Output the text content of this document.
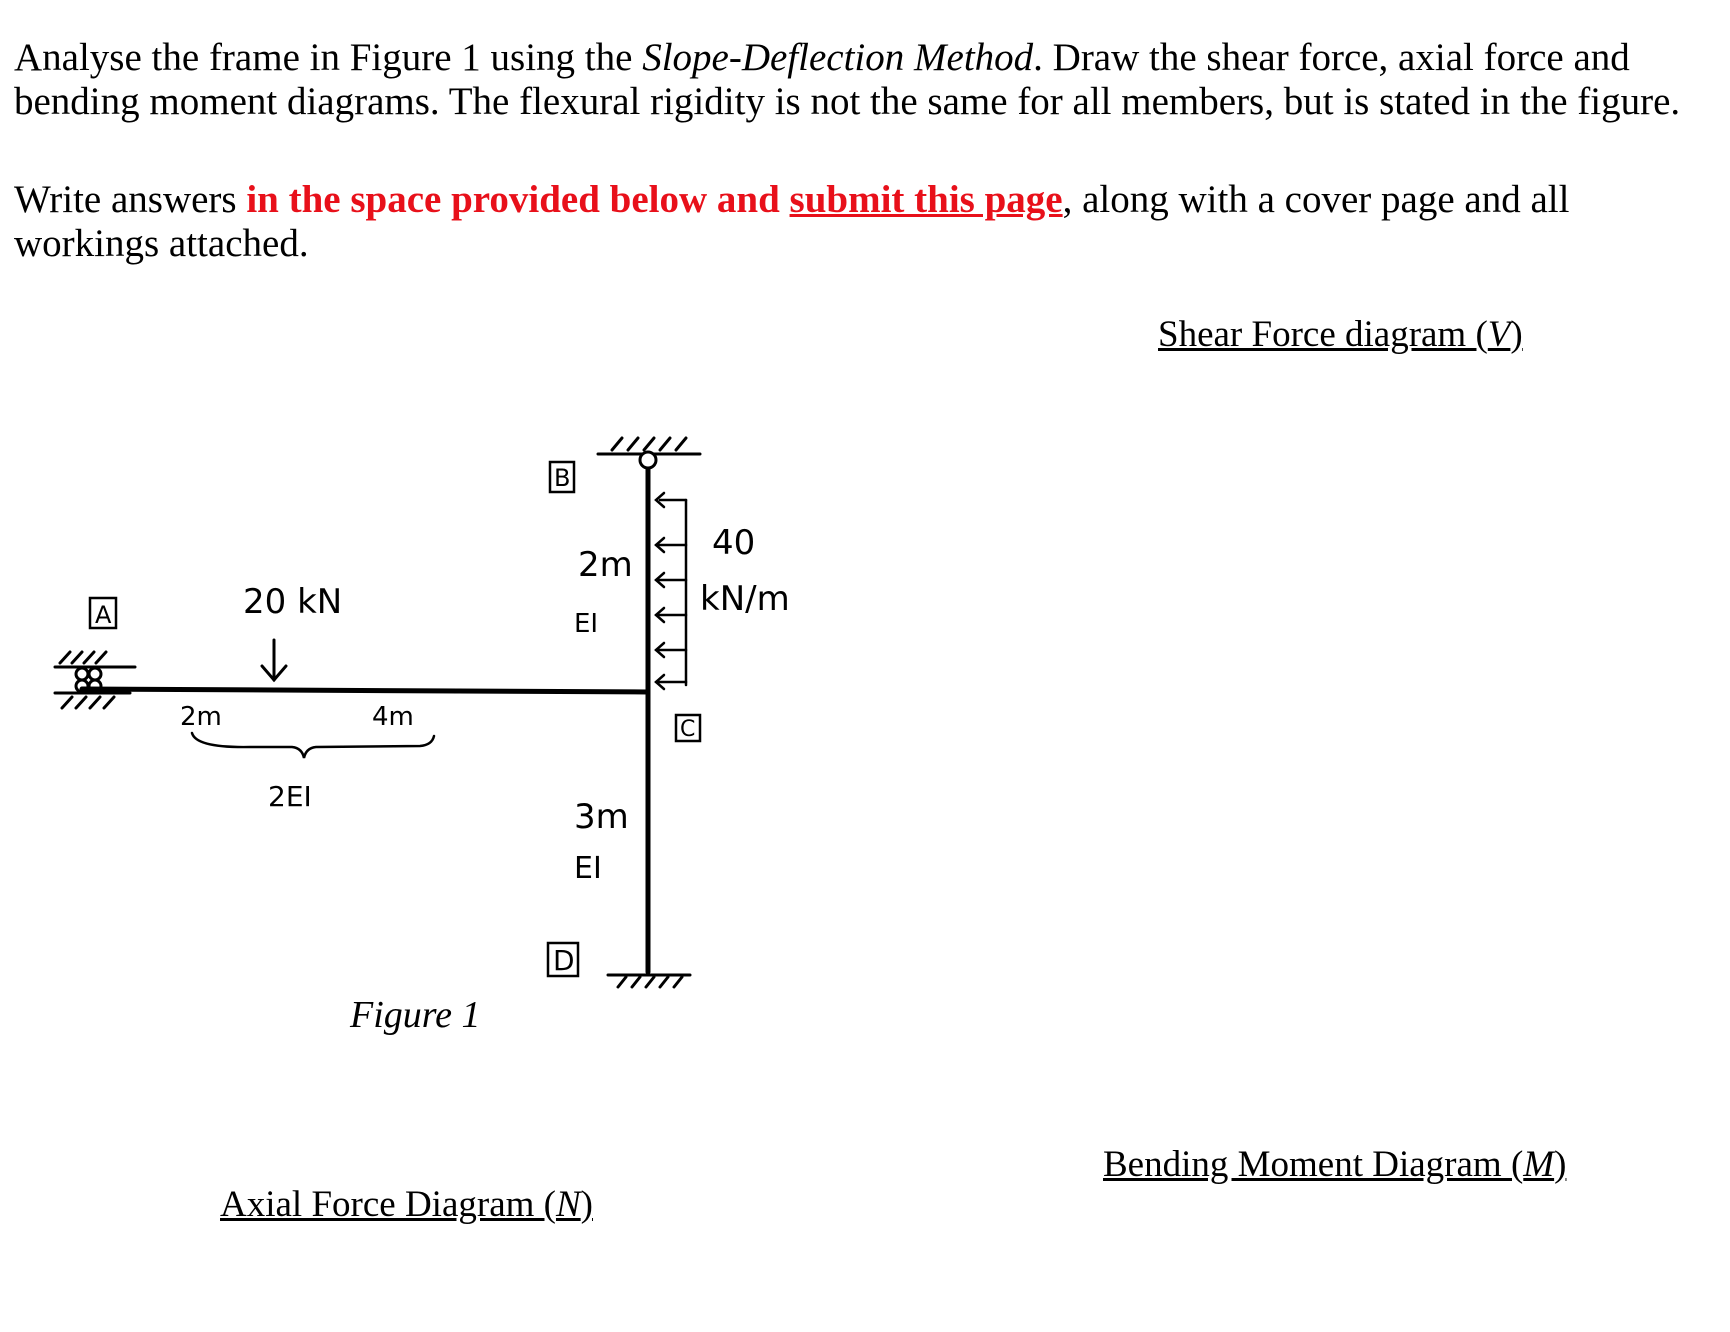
Analyse the frame in Figure 1 using the Slope-Deflection Method. Draw the shear force, axial force and bending moment diagrams. The flexural rigidity is not the same for all members, but is stated in the figure.
Write answers in the space provided below and submit this page, along with a cover page and all workings attached.
Shear Force diagram (V)
Bending Moment Diagram (M)
Axial Force Diagram (N)
A
B
C
D
20 kN
2m	4m
2EI
2m
EI
3m
EI
40
kN/m
Figure 1
